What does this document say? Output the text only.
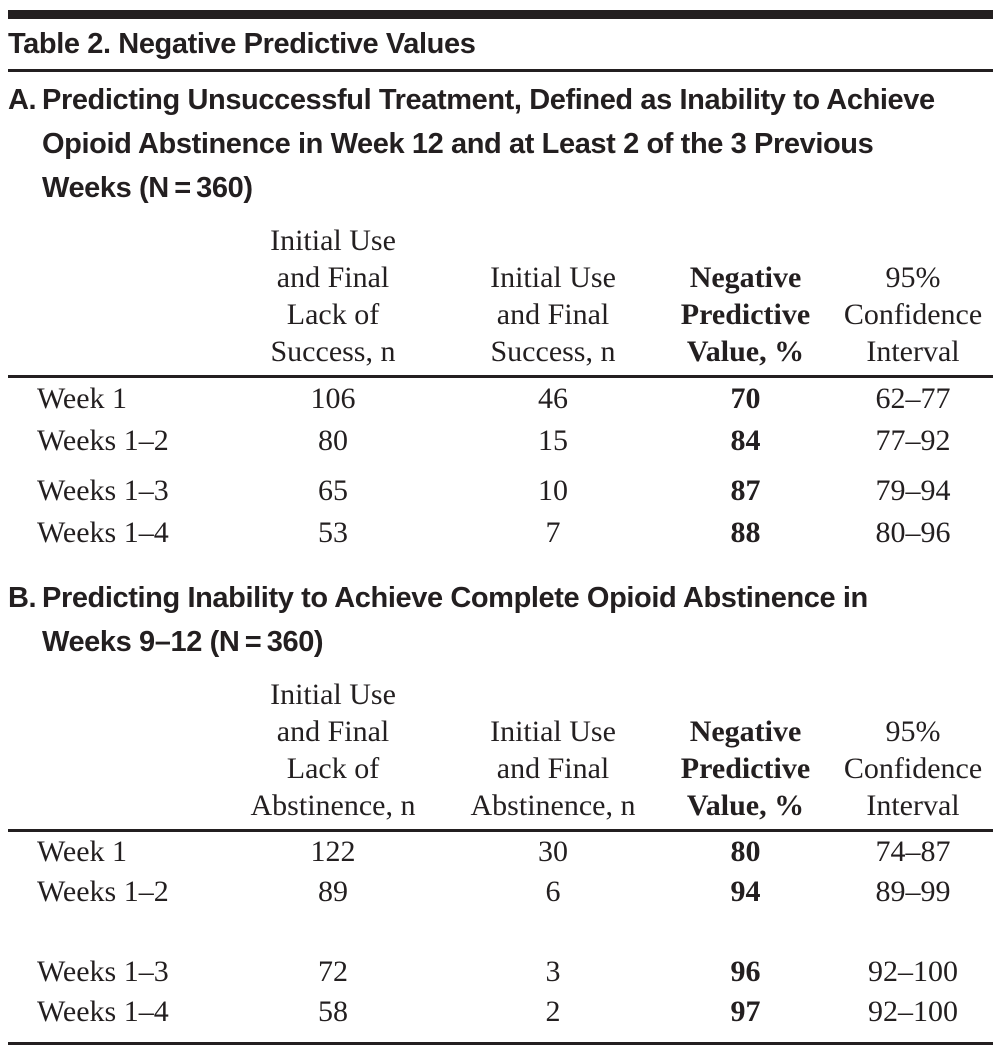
Table 2. Negative Predictive Values
A. Predicting Unsuccessful Treatment, Defined as Inability to Achieve
Opioid Abstinence in Week 12 and at Least 2 of the 3 Previous
Weeks (N = 360)

Initial Use
and Final
Lack of
Success, n

Initial Use
and Final
Success, n

Negative
Predictive
Value, %

95%
Confidence
Interval

Week 1	106	46	70	62–77
Weeks 1–2	80	15	84	77–92

Weeks 1–3	65	10	87	79–94
Weeks 1–4	53	7	88	80–96
B. Predicting Inability to Achieve Complete Opioid Abstinence in
Weeks 9–12 (N = 360)

Initial Use
and Final
Lack of
Abstinence, n

Initial Use
and Final
Abstinence, n

Negative
Predictive
Value, %

95%
Confidence
Interval

Week 1	122	30	80	74–87
Weeks 1–2	89	6	94	89–99

Weeks 1–3	72	3	96	92–100
Weeks 1–4	58	2	97	92–100
